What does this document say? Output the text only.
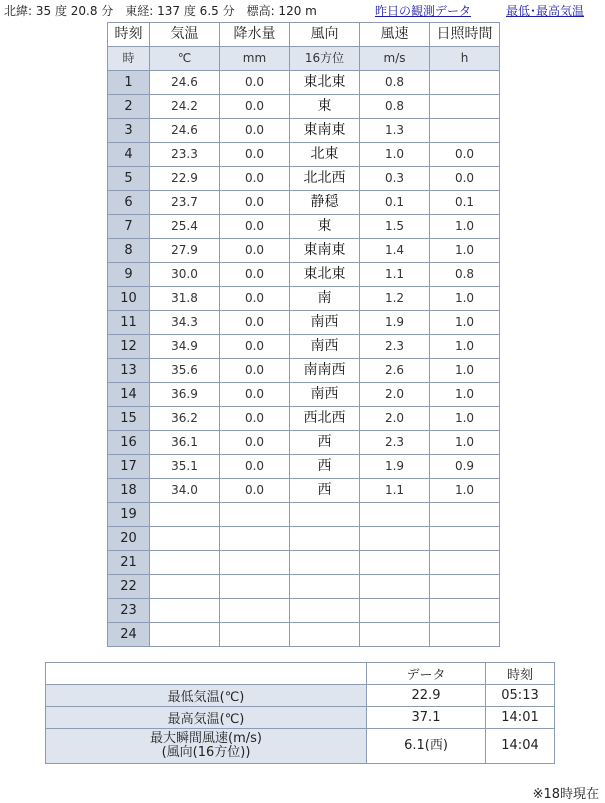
北緯: 35 度 20.8 分　東経: 137 度 6.5 分　標高: 120 m	昨日の観測データ	最低･最高気温
時刻	気温	降水量	風向	風速	日照時間
時	℃	mm	16方位	m/s	h
1	24.6	0.0	東北東	0.8	
2	24.2	0.0	東	0.8	
3	24.6	0.0	東南東	1.3	
4	23.3	0.0	北東	1.0	0.0
5	22.9	0.0	北北西	0.3	0.0
6	23.7	0.0	静穏	0.1	0.1
7	25.4	0.0	東	1.5	1.0
8	27.9	0.0	東南東	1.4	1.0
9	30.0	0.0	東北東	1.1	0.8
10	31.8	0.0	南	1.2	1.0
11	34.3	0.0	南西	1.9	1.0
12	34.9	0.0	南西	2.3	1.0
13	35.6	0.0	南南西	2.6	1.0
14	36.9	0.0	南西	2.0	1.0
15	36.2	0.0	西北西	2.0	1.0
16	36.1	0.0	西	2.3	1.0
17	35.1	0.0	西	1.9	0.9
18	34.0	0.0	西	1.1	1.0
19					
20					
21					
22					
23					
24					
	データ	時刻
最低気温(℃)	22.9	05:13
最高気温(℃)	37.1	14:01

最大瞬間風速(m/s)
(風向(16方位))	6.1(西)	14:04
※18時現在
